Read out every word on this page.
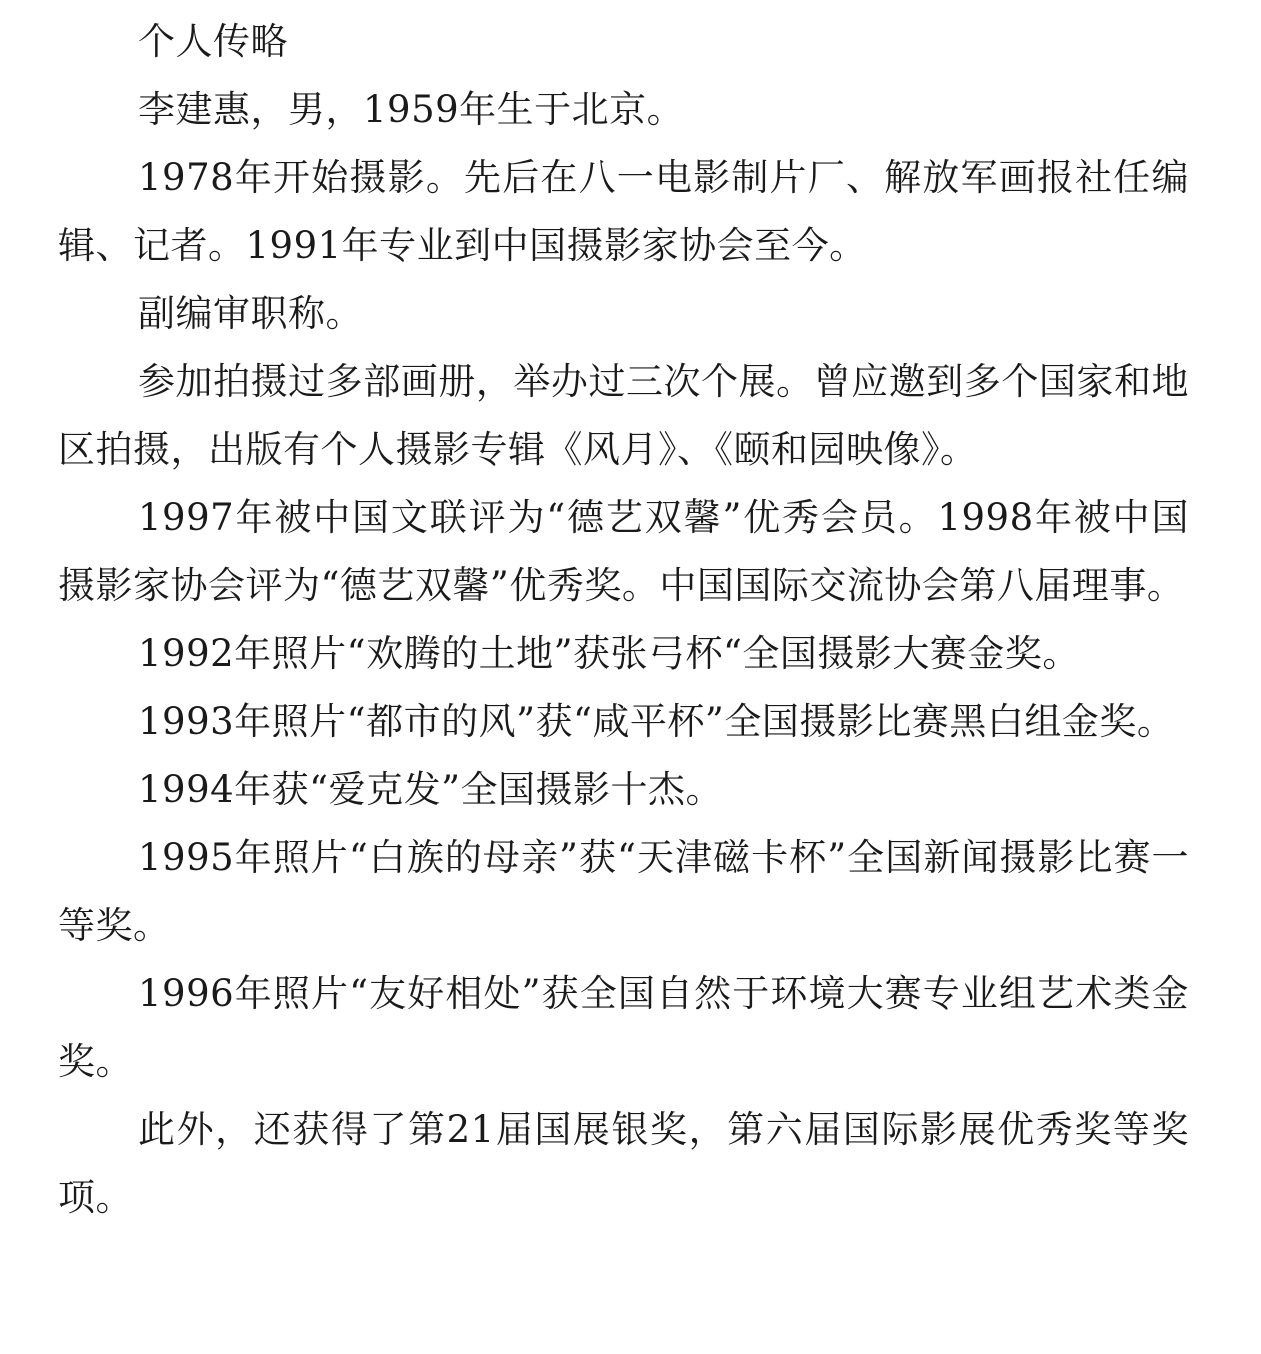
个人传略

李建惠，男，1959年生于北京。

1978年开始摄影。先后在八一电影制片厂、解放军画报社任编辑、记者。1991年专业到中国摄影家协会至今。

副编审职称。

参加拍摄过多部画册，举办过三次个展。曾应邀到多个国家和地区拍摄，出版有个人摄影专辑《风月》、《颐和园映像》。

1997年被中国文联评为“德艺双馨”优秀会员。1998年被中国摄影家协会评为“德艺双馨”优秀奖。中国国际交流协会第八届理事。

1992年照片“欢腾的土地”获张弓杯“全国摄影大赛金奖。

1993年照片“都市的风”获“咸平杯”全国摄影比赛黑白组金奖。

1994年获“爱克发”全国摄影十杰。

1995年照片“白族的母亲”获“天津磁卡杯”全国新闻摄影比赛一等奖。

1996年照片“友好相处”获全国自然于环境大赛专业组艺术类金奖。

此外，还获得了第21届国展银奖，第六届国际影展优秀奖等奖项。
